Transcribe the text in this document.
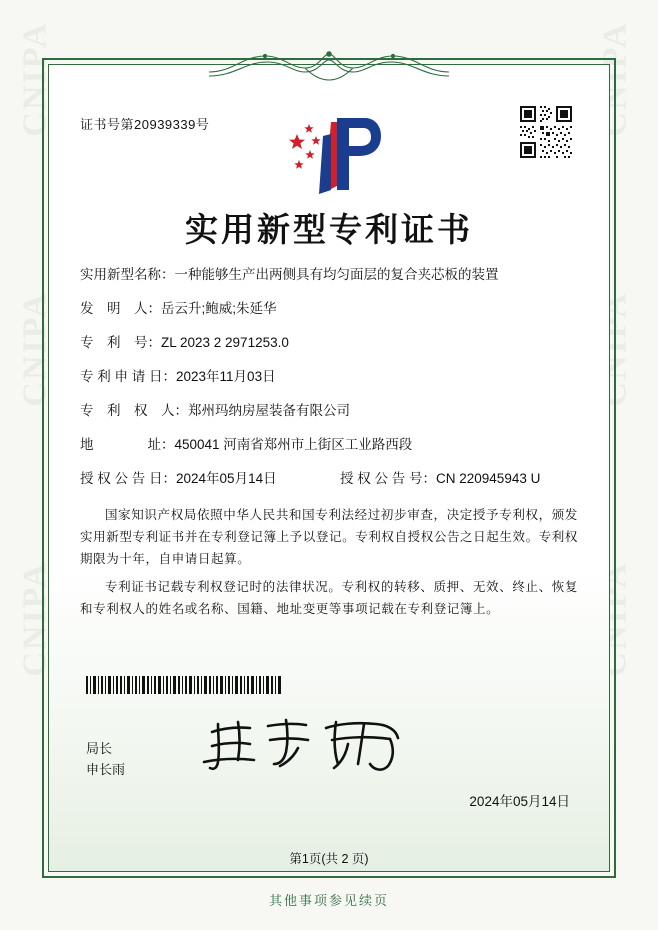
CNIPA
CNIPA
CNIPA
CNIPA
CNIPA
CNIPA
证书号第20939339号
实用新型专利证书
实用新型名称：一种能够生产出两侧具有均匀面层的复合夹芯板的装置
发　明　人：岳云升;鲍威;朱延华
专　利　号：ZL 2023 2 2971253.0
专 利 申 请 日：2023年11月03日
专　利　权　人：郑州玛纳房屋装备有限公司
地　　　　址：450041 河南省郑州市上街区工业路西段
授 权 公 告 日：2024年05月14日	授 权 公 告 号：CN 220945943 U
国家知识产权局依照中华人民共和国专利法经过初步审查，决定授予专利权，颁发实用新型专利证书并在专利登记簿上予以登记。专利权自授权公告之日起生效。专利权期限为十年，自申请日起算。
专利证书记载专利权登记时的法律状况。专利权的转移、质押、无效、终止、恢复和专利权人的姓名或名称、国籍、地址变更等事项记载在专利登记簿上。
局长
申长雨
2024年05月14日
第1页(共 2 页)
其他事项参见续页
